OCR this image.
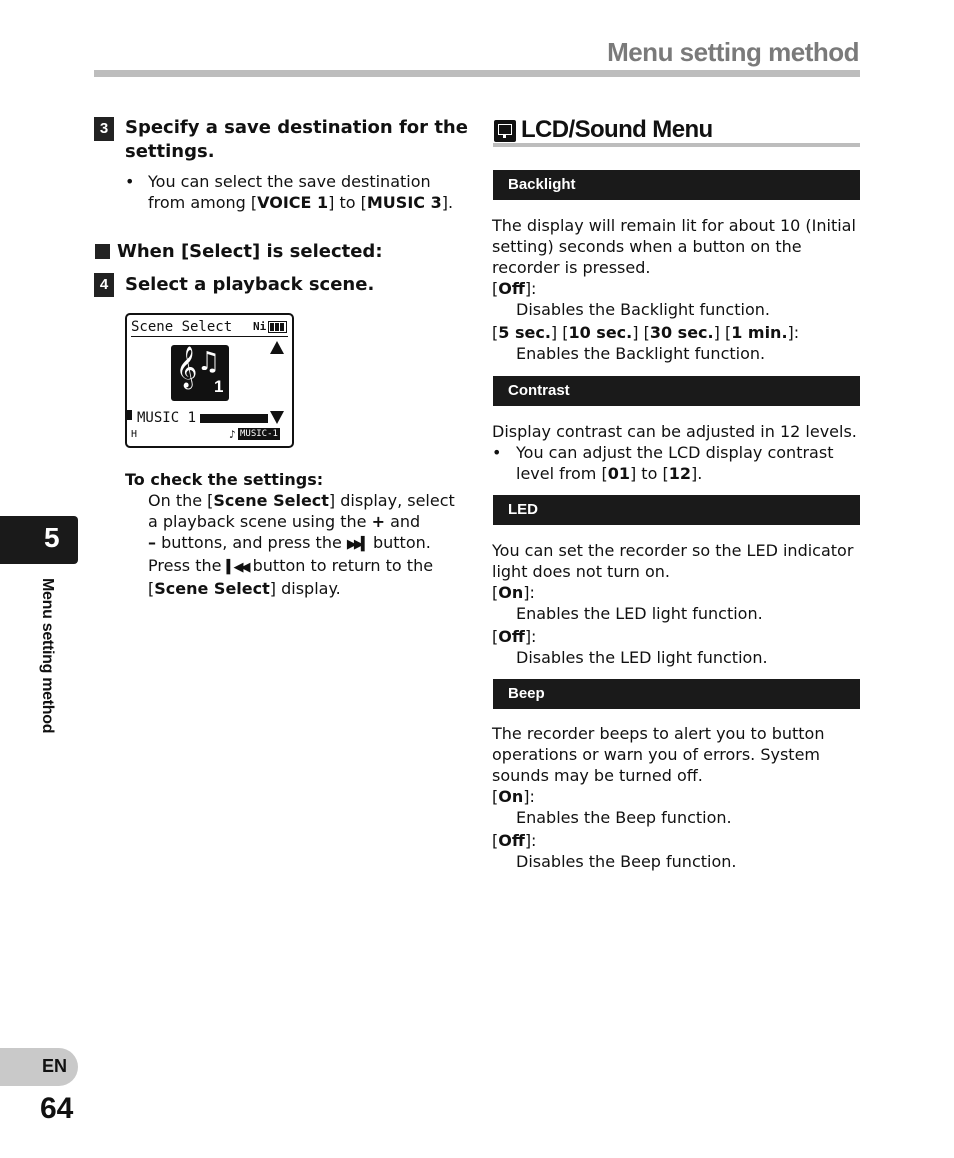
Menu setting method
5
Menu setting method
EN
64
3 Specify a save destination for the
settings.
• You can select the save destination
from among [VOICE 1] to [MUSIC 3].
When [Select] is selected:
4 Select a playback scene.
Scene Select Ni
MUSIC 1
H	♪ MUSIC-1
𝄞 ♫
1
To check the settings:
On the [Scene Select] display, select
a playback scene using the + and
– buttons, and press the ▶▶▍ button.
Press the ▍◀◀ button to return to the
[Scene Select] display.
LCD/Sound Menu
Backlight
The display will remain lit for about 10 (Initial
setting) seconds when a button on the
recorder is pressed.
[Off]:
Disables the Backlight function.
[5 sec.] [10 sec.] [30 sec.] [1 min.]:
Enables the Backlight function.
Contrast
Display contrast can be adjusted in 12 levels.
• You can adjust the LCD display contrast
level from [01] to [12].
LED
You can set the recorder so the LED indicator
light does not turn on.
[On]:
Enables the LED light function.
[Off]:
Disables the LED light function.
Beep
The recorder beeps to alert you to button
operations or warn you of errors. System
sounds may be turned off.
[On]:
Enables the Beep function.
[Off]:
Disables the Beep function.
